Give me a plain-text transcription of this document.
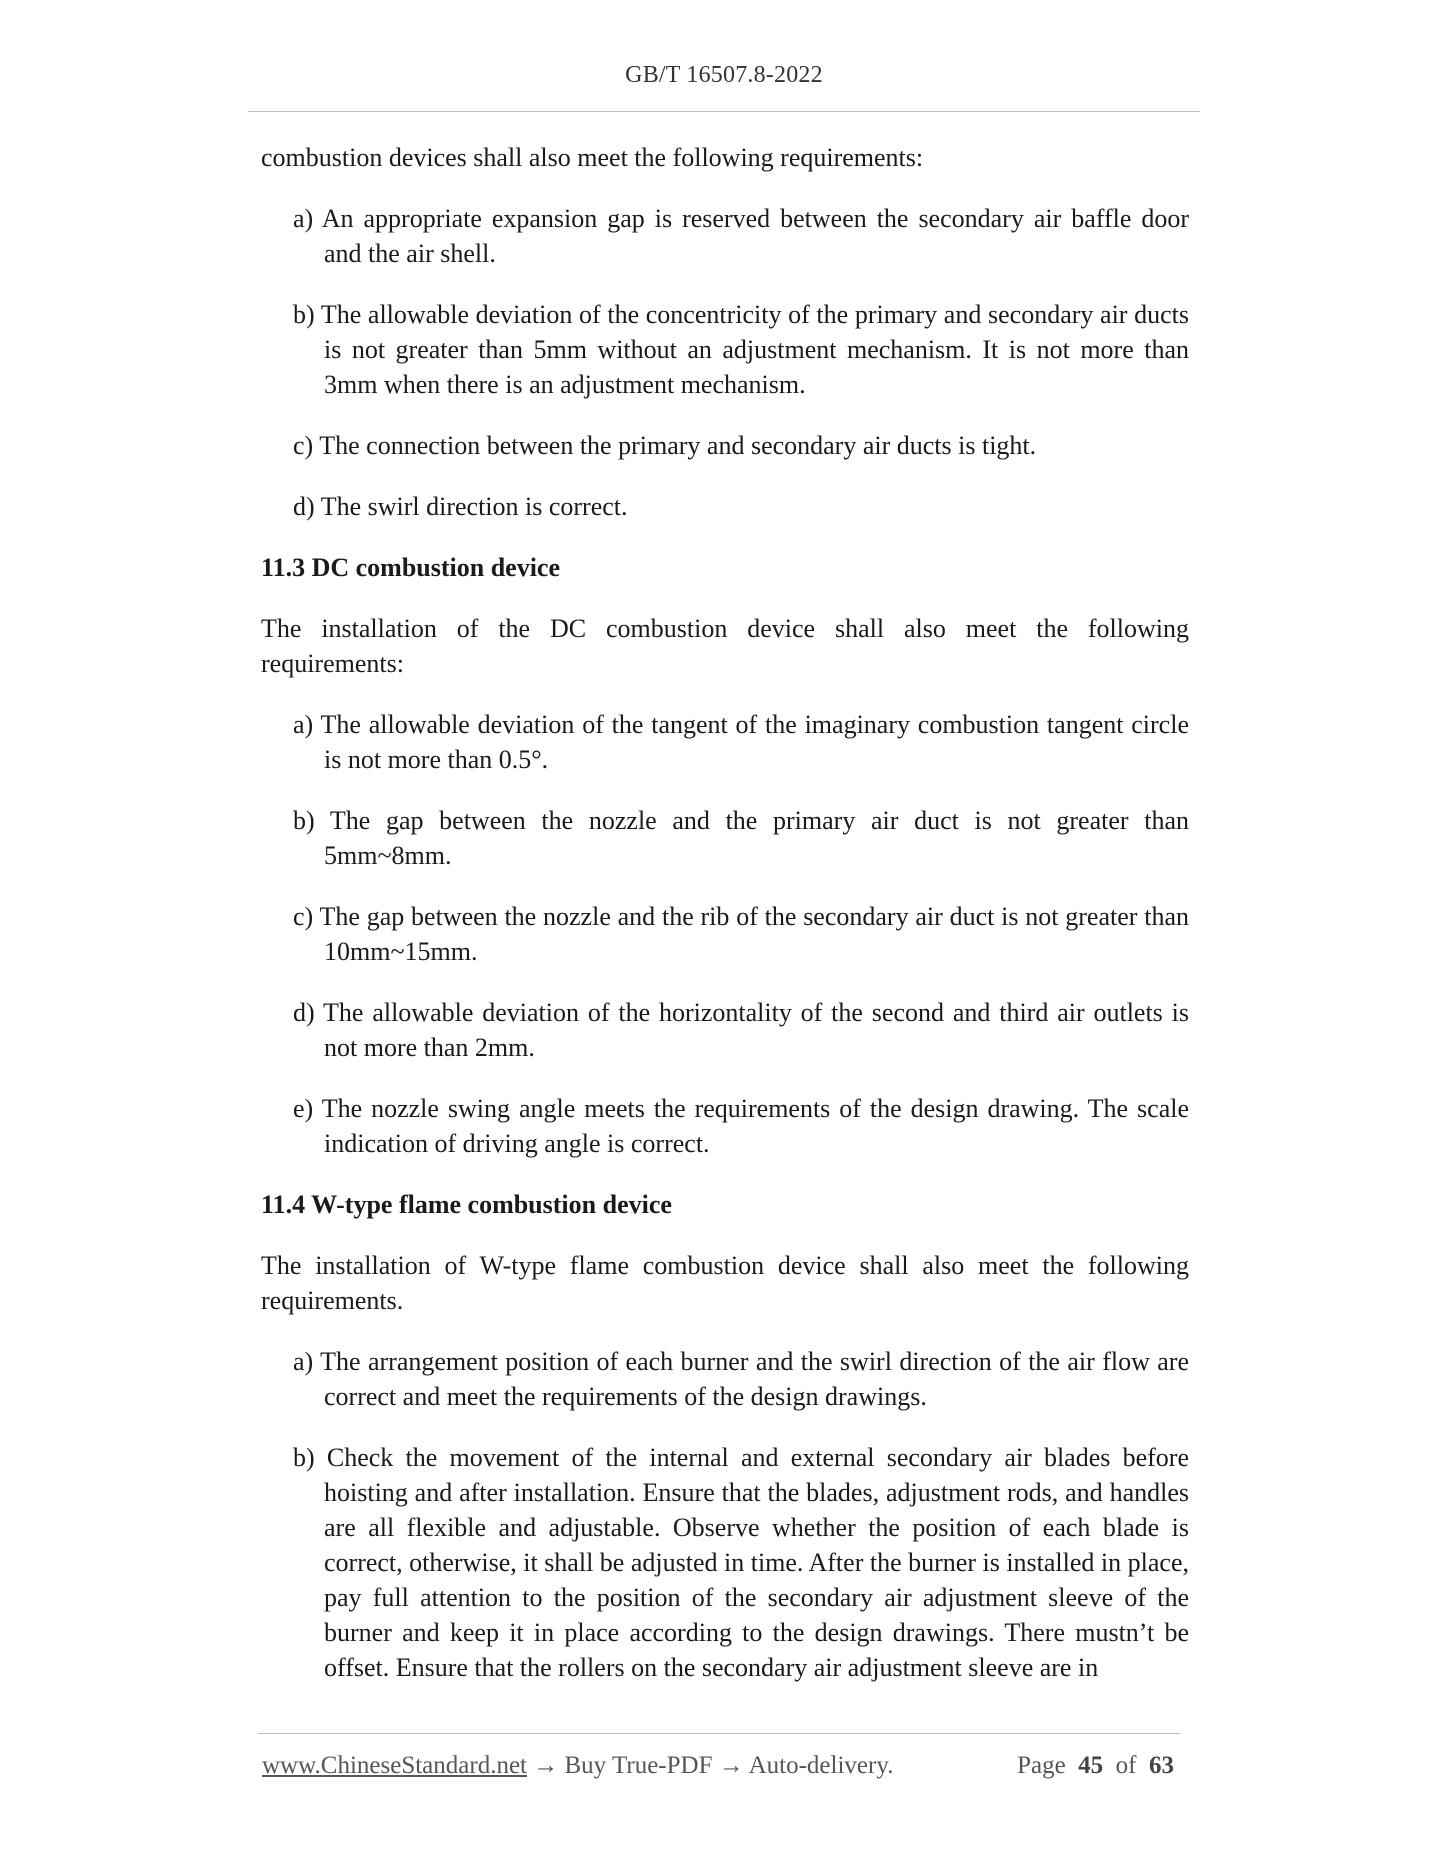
GB/T 16507.8-2022

combustion devices shall also meet the following requirements:

a) An appropriate expansion gap is reserved between the secondary air baffle door and the air shell.

b) The allowable deviation of the concentricity of the primary and secondary air ducts is not greater than 5mm without an adjustment mechanism. It is not more than 3mm when there is an adjustment mechanism.

c) The connection between the primary and secondary air ducts is tight.

d) The swirl direction is correct.

11.3 DC combustion device

The installation of the DC combustion device shall also meet the following requirements:

a) The allowable deviation of the tangent of the imaginary combustion tangent circle is not more than 0.5°.

b) The gap between the nozzle and the primary air duct is not greater than 5mm~8mm.

c) The gap between the nozzle and the rib of the secondary air duct is not greater than 10mm~15mm.

d) The allowable deviation of the horizontality of the second and third air outlets is not more than 2mm.

e) The nozzle swing angle meets the requirements of the design drawing. The scale indication of driving angle is correct.

11.4 W-type flame combustion device

The installation of W-type flame combustion device shall also meet the following requirements.

a) The arrangement position of each burner and the swirl direction of the air flow are correct and meet the requirements of the design drawings.

b) Check the movement of the internal and external secondary air blades before hoisting and after installation. Ensure that the blades, adjustment rods, and handles are all flexible and adjustable. Observe whether the position of each blade is correct, otherwise, it shall be adjusted in time. After the burner is installed in place, pay full attention to the position of the secondary air adjustment sleeve of the burner and keep it in place according to the design drawings. There mustn’t be offset. Ensure that the rollers on the secondary air adjustment sleeve are in

www.ChineseStandard.net → Buy True-PDF → Auto-delivery.	Page 45 of 63
